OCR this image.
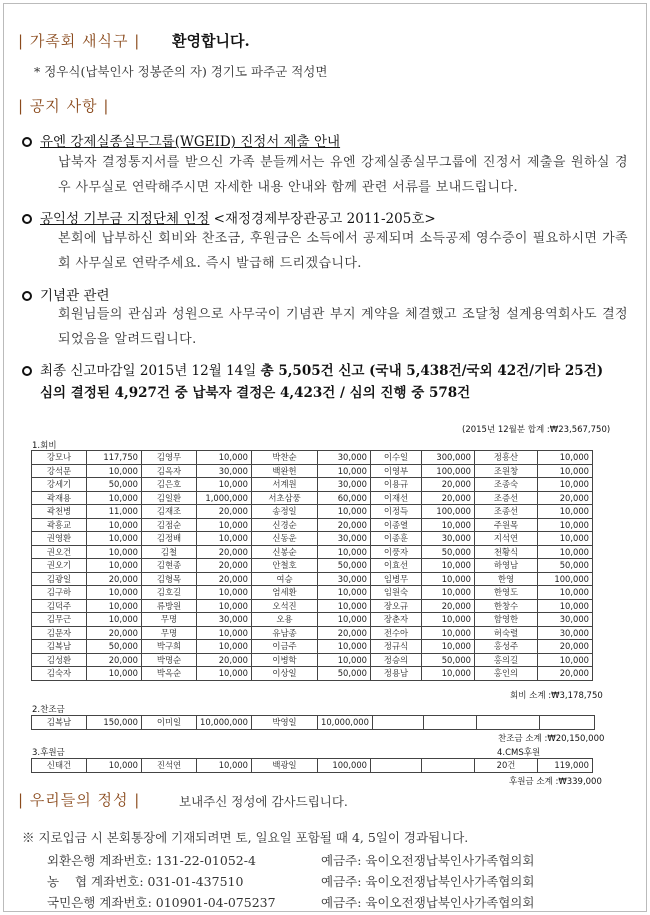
| 가족회 새식구 | 환영합니다.
* 정우식(납북인사 정봉준의 자) 경기도 파주군 적성면
| 공지 사항 |
유엔 강제실종실무그룹(WGEID) 진정서 제출 안내
납북자 결정통지서를 받으신 가족 분들께서는 유엔 강제실종실무그룹에 진정서 제출을 원하실 경우 사무실로 연락해주시면 자세한 내용 안내와 함께 관련 서류를 보내드립니다.
공익성 기부금 지정단체 인정 <재정경제부장관공고 2011-205호>
본회에 납부하신 회비와 찬조금, 후원금은 소득에서 공제되며 소득공제 영수증이 필요하시면 가족회 사무실로 연락주세요. 즉시 발급해 드리겠습니다.
기념관 관련
회원님들의 관심과 성원으로 사무국이 기념관 부지 계약을 체결했고 조달청 설계용역회사도 결정되었음을 알려드립니다.
최종 신고마감일 2015년 12월 14일 총 5,505건 신고 (국내 5,438건/국외 42건/기타 25건)
심의 결정된 4,927건 중 납북자 결정은 4,423건 / 심의 진행 중 578건
(2015년 12월분 합계 :₩23,567,750)
1.회비
강모나	117,750	김영무	10,000	박찬순	30,000	이수일	300,000	정흥산	10,000
강석문	10,000	김옥자	30,000	백완헌	10,000	이영부	100,000	조원창	10,000
강세기	50,000	김은호	10,000	서계원	30,000	이용규	20,000	조종숙	10,000
곽재용	10,000	김일환	1,000,000	서초삼풍	60,000	이재선	20,000	조증선	20,000
곽천병	11,000	김재조	20,000	송정일	10,000	이정득	100,000	조종선	10,000
곽흥교	10,000	김점순	10,000	신경순	20,000	이종열	10,000	주원목	10,000
권영환	10,000	김정배	10,000	신동운	30,000	이종훈	30,000	지석연	10,000
권오건	10,000	김철	20,000	신봉순	10,000	이풍자	50,000	천황식	10,000
권오기	10,000	김현종	20,000	안철호	50,000	이효선	10,000	하영남	50,000
김광일	20,000	김형목	20,000	여승	30,000	임병무	10,000	한영	100,000
김구하	10,000	김호길	10,000	엄세환	10,000	임원숙	10,000	한영도	10,000
김덕주	10,000	류방원	10,000	오석진	10,000	장오규	20,000	한창수	10,000
김무근	10,000	무명	30,000	오용	10,000	장춘자	10,000	함영한	30,000
김문자	20,000	무명	10,000	유남종	20,000	전수아	10,000	허숙렬	30,000
김복남	50,000	박구희	10,000	이금주	10,000	정규식	10,000	홍성주	20,000
김성환	20,000	박명순	20,000	이병학	10,000	정승의	50,000	홍의길	10,000
김숙자	10,000	박옥순	10,000	이상일	50,000	정용남	10,000	홍인의	20,000
회비 소계 :₩3,178,750
2.찬조금
김복남	150,000	이미일	10,000,000	박영일	10,000,000				
찬조금 소계 :₩20,150,000
3.후원금	4.CMS후원
신태건	10,000	진석연	10,000	백광일	100,000			20건	119,000
후원금 소계 :₩339,000
| 우리들의 정성 |	보내주신 정성에 감사드립니다.
※ 지로입금 시 본회통장에 기재되려면 토, 일요일 포함될 때 4, 5일이 경과됩니다.
외환은행 계좌번호: 131-22-01052-4	예금주: 육이오전쟁납북인사가족협의회
농    협 계좌번호: 031-01-437510	예금주: 육이오전쟁납북인사가족협의회
국민은행 계좌번호: 010901-04-075237	예금주: 육이오전쟁납북인사가족협의회
